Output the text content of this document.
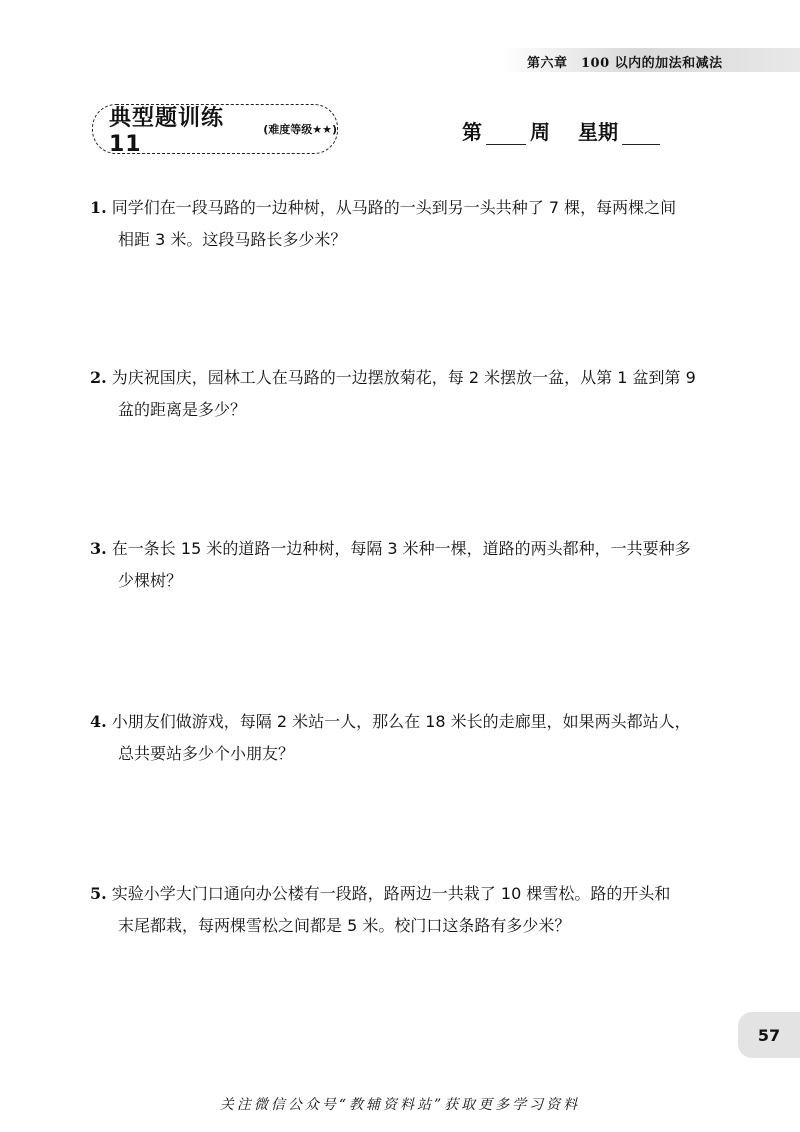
第六章　100 以内的加法和减法
典型题训练 11
(难度等级★★)	第 周 星期
1. 同学们在一段马路的一边种树，从马路的一头到另一头共种了 7 棵，每两棵之间
相距 3 米。这段马路长多少米？
2. 为庆祝国庆，园林工人在马路的一边摆放菊花，每 2 米摆放一盆，从第 1 盆到第 9
盆的距离是多少？
3. 在一条长 15 米的道路一边种树，每隔 3 米种一棵，道路的两头都种，一共要种多
少棵树？
4. 小朋友们做游戏，每隔 2 米站一人，那么在 18 米长的走廊里，如果两头都站人，
总共要站多少个小朋友？
5. 实验小学大门口通向办公楼有一段路，路两边一共栽了 10 棵雪松。路的开头和
末尾都栽，每两棵雪松之间都是 5 米。校门口这条路有多少米？
57
关注微信公众号“教辅资料站”获取更多学习资料
